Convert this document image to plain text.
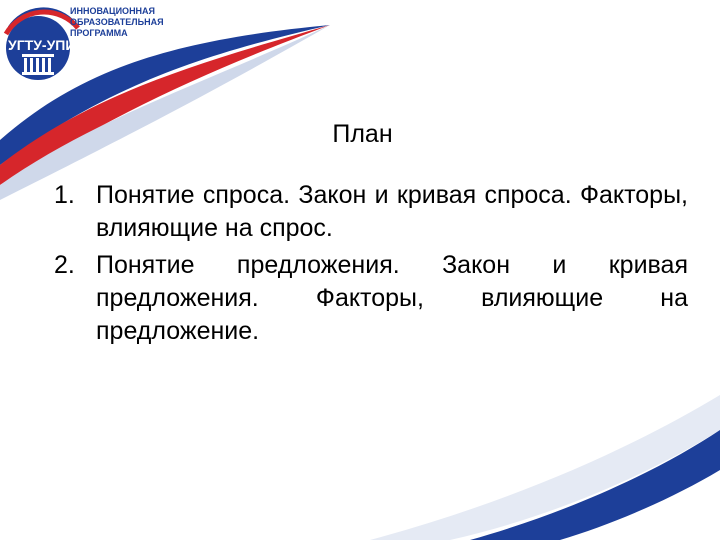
ИННОВАЦИОННАЯ
ОБРАЗОВАТЕЛЬНАЯ
ПРОГРАММА
УГТУ-УПИ
1 9 2 0
План
1. Понятие спроса. Закон и кривая спроса. Факторы, влияющие на спрос.
2. Понятие предложения. Закон и кривая предложения. Факторы, влияющие на предложение.
